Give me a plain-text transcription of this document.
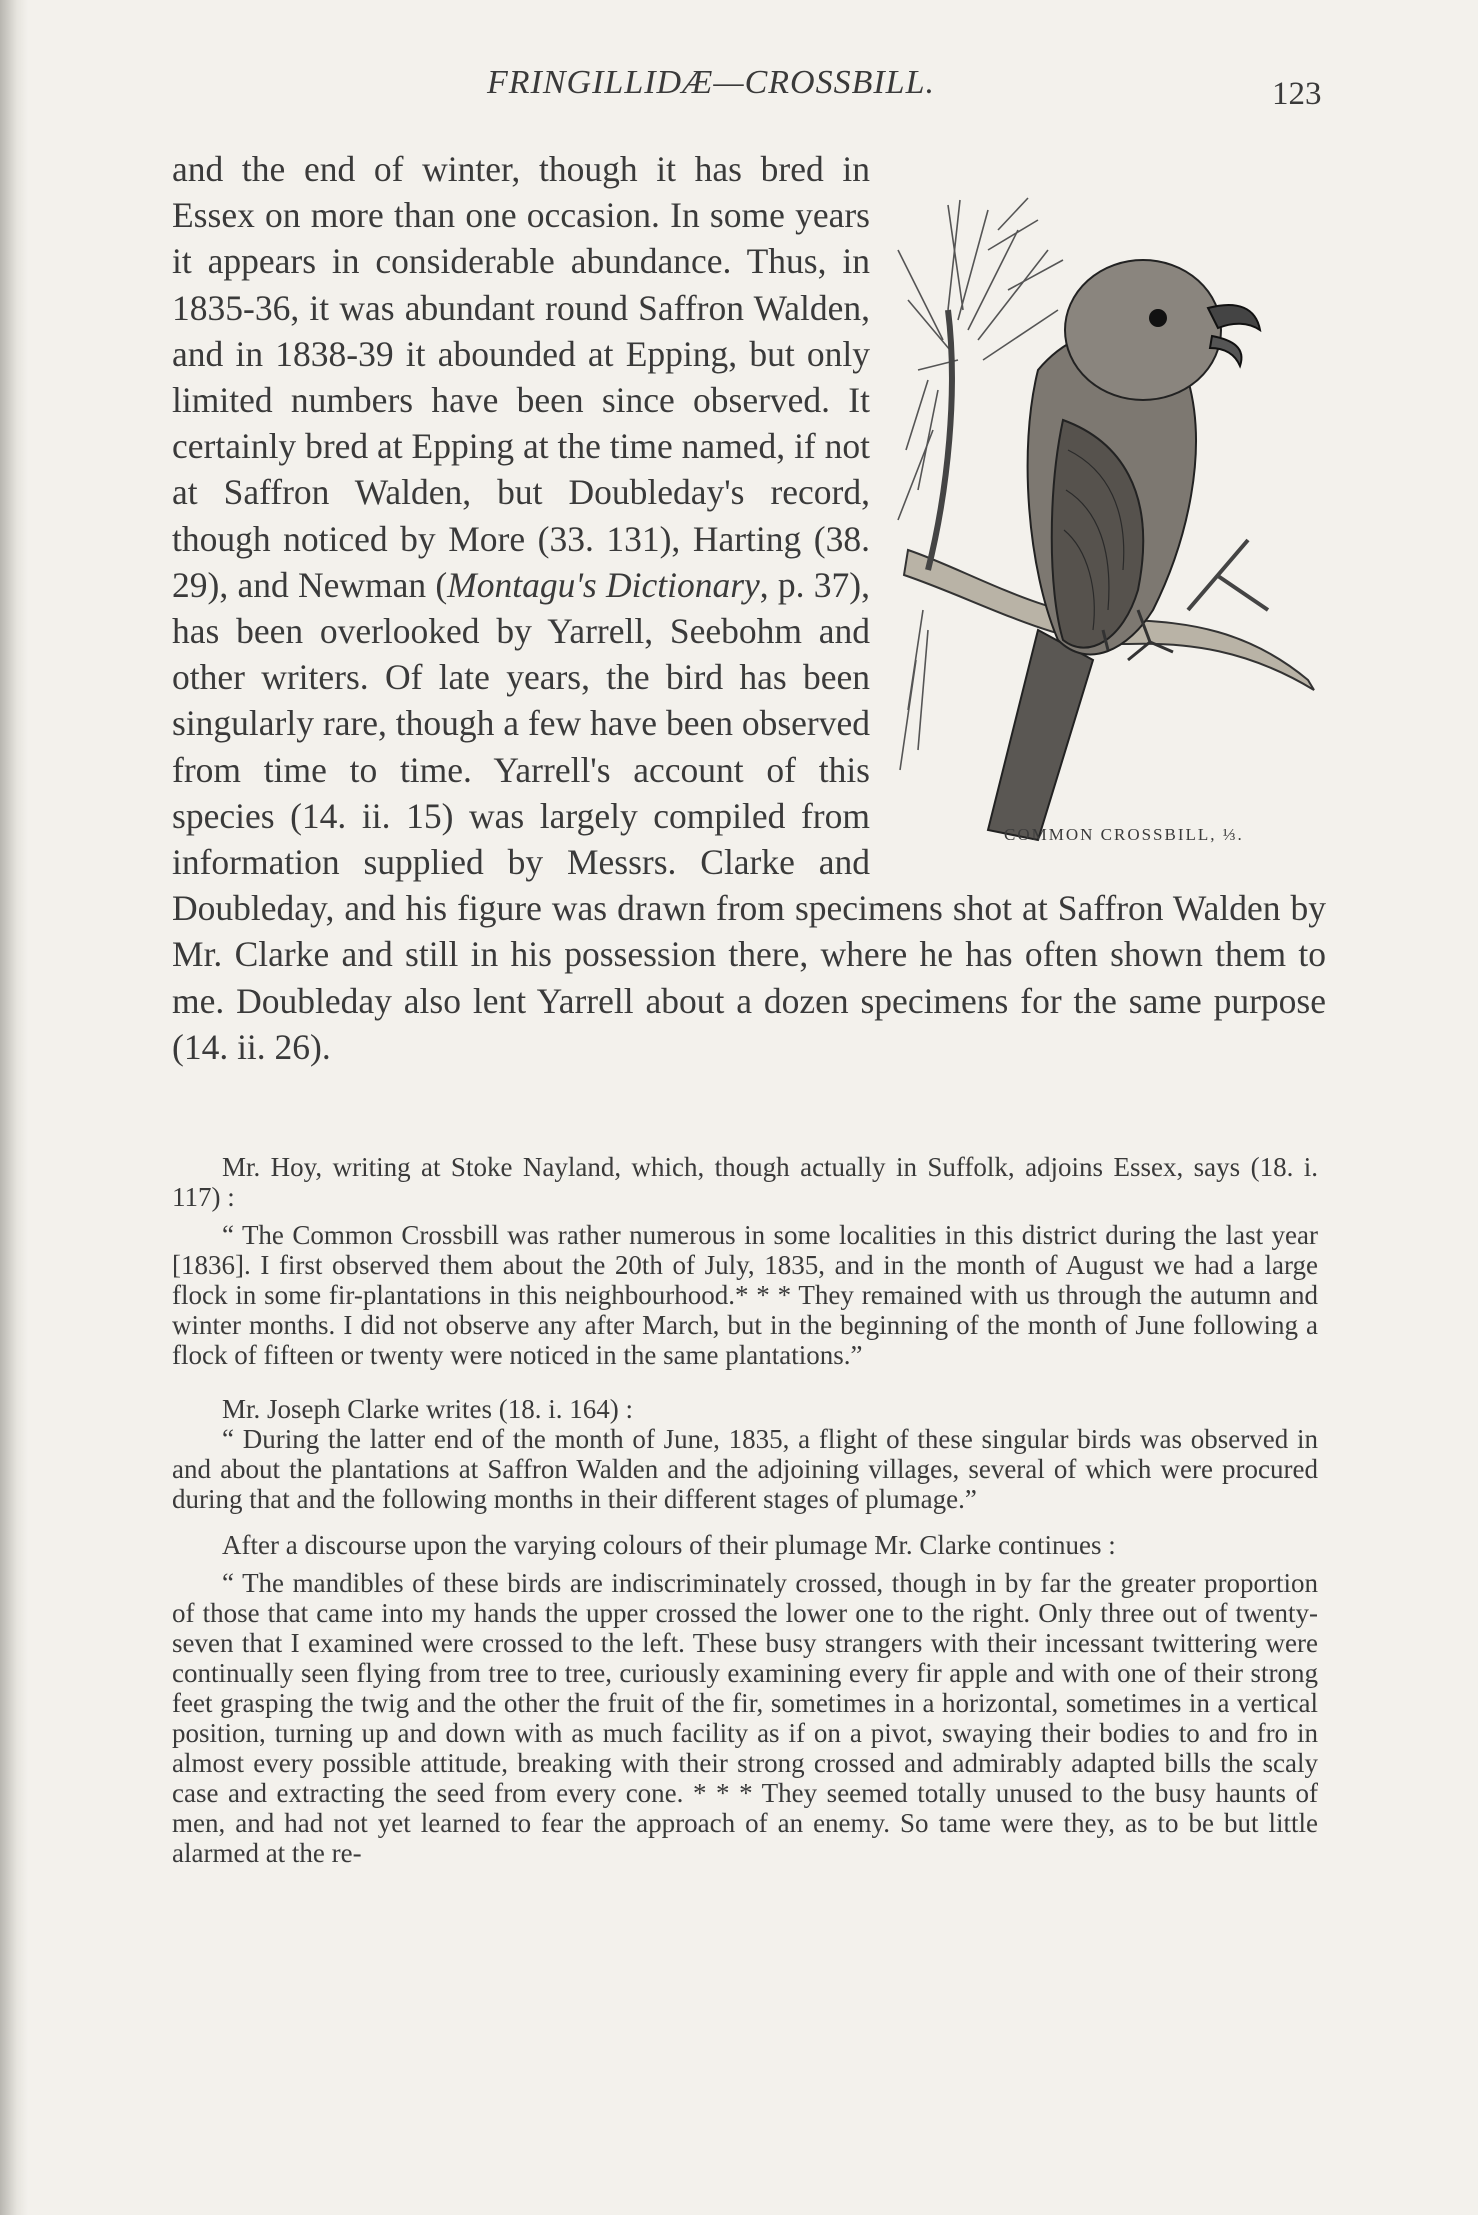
FRINGILLIDÆ—CROSSBILL.	123
COMMON CROSSBILL, ⅓.

and the end of winter, though it has bred in Essex on more than one occasion. In some years it appears in considerable abundance. Thus, in 1835-36, it was abundant round Saffron Walden, and in 1838-39 it abounded at Epping, but only limited numbers have been since observed. It certainly bred at Epping at the time named, if not at Saffron Walden, but Doubleday's record, though noticed by More (33. 131), Harting (38. 29), and Newman (Montagu's Dictionary, p. 37), has been overlooked by Yarrell, Seebohm and other writers. Of late years, the bird has been singularly rare, though a few have been observed from time to time. Yarrell's account of this species (14. ii. 15) was largely compiled from information supplied by Messrs. Clarke and Doubleday, and his figure was drawn from specimens shot at Saffron Walden by Mr. Clarke and still in his possession there, where he has often shown them to me. Doubleday also lent Yarrell about a dozen specimens for the same purpose (14. ii. 26).

Mr. Hoy, writing at Stoke Nayland, which, though actually in Suffolk, adjoins Essex, says (18. i. 117) :

“ The Common Crossbill was rather numerous in some localities in this district during the last year [1836]. I first observed them about the 20th of July, 1835, and in the month of August we had a large flock in some fir-plantations in this neighbourhood.* * * They remained with us through the autumn and winter months. I did not observe any after March, but in the beginning of the month of June following a flock of fifteen or twenty were noticed in the same plantations.”

Mr. Joseph Clarke writes (18. i. 164) :

“ During the latter end of the month of June, 1835, a flight of these singular birds was observed in and about the plantations at Saffron Walden and the adjoining villages, several of which were procured during that and the following months in their different stages of plumage.”

After a discourse upon the varying colours of their plumage Mr. Clarke continues :

“ The mandibles of these birds are indiscriminately crossed, though in by far the greater proportion of those that came into my hands the upper crossed the lower one to the right. Only three out of twenty-seven that I examined were crossed to the left. These busy strangers with their incessant twittering were continually seen flying from tree to tree, curiously examining every fir apple and with one of their strong feet grasping the twig and the other the fruit of the fir, sometimes in a horizontal, sometimes in a vertical position, turning up and down with as much facility as if on a pivot, swaying their bodies to and fro in almost every possible attitude, breaking with their strong crossed and admirably adapted bills the scaly case and extracting the seed from every cone. * * * They seemed totally unused to the busy haunts of men, and had not yet learned to fear the approach of an enemy. So tame were they, as to be but little alarmed at the re-
